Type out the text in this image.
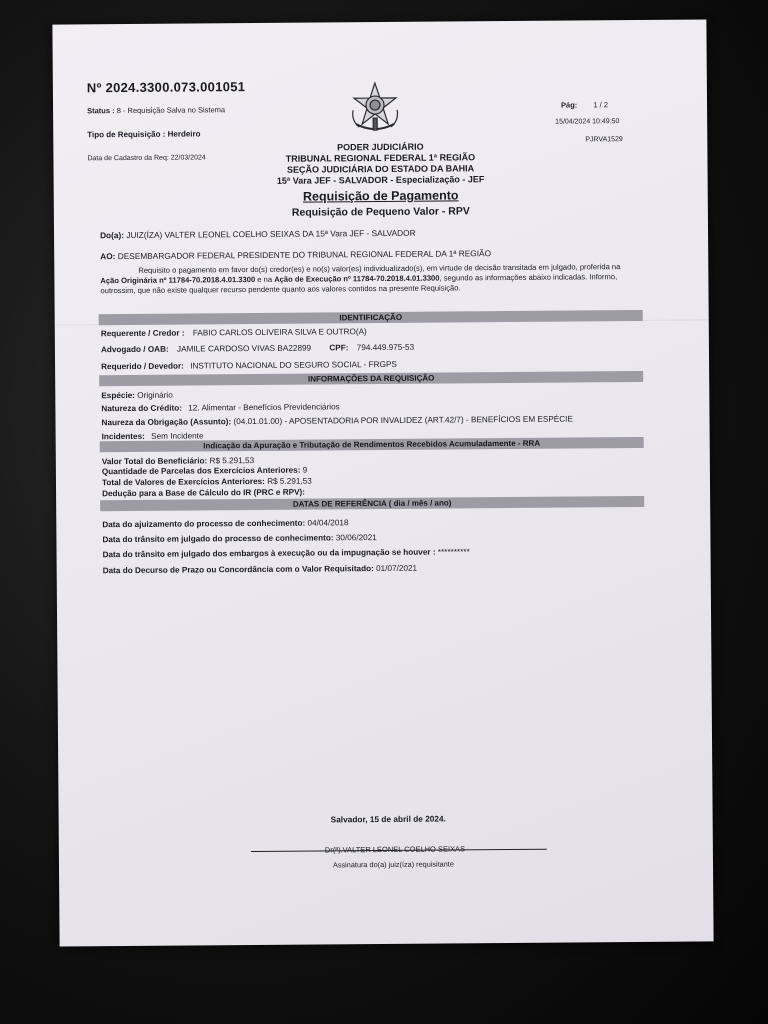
Nº 2024.3300.073.001051
Status : 8 - Requisição Salva no Sistema
Tipo de Requisição : Herdeiro
Data de Cadastro da Req: 22/03/2024
Pág: 1 / 2
15/04/2024 10:49:50
PJRVA1529
PODER JUDICIÁRIO
TRIBUNAL REGIONAL FEDERAL 1ª REGIÃO
SEÇÃO JUDICIÁRIA DO ESTADO DA BAHIA
15ª Vara JEF - SALVADOR - Especialização - JEF
Requisição de Pagamento
Requisição de Pequeno Valor - RPV
Do(a): JUIZ(ÍZA) VALTER LEONEL COELHO SEIXAS DA 15ª Vara JEF - SALVADOR
AO: DESEMBARGADOR FEDERAL PRESIDENTE DO TRIBUNAL REGIONAL FEDERAL DA 1ª REGIÃO
Requisito o pagamento em favor do(s) credor(es) e no(s) valor(es) individualizado(s), em virtude de decisão transitada em julgado, proferida na Ação Originária nº 11784-70.2018.4.01.3300 e na Ação de Execução nº 11784-70.2018.4.01.3300, segundo as informações abaixo indicadas. Informo, outrossim, que não existe qualquer recurso pendente quanto aos valores contidos na presente Requisição.
IDENTIFICAÇÃO
Requerente / Credor : FABIO CARLOS OLIVEIRA SILVA E OUTRO(A)
Advogado / OAB: JAMILE CARDOSO VIVAS BA22899 CPF: 794.449.975-53
Requerido / Devedor: INSTITUTO NACIONAL DO SEGURO SOCIAL - FRGPS
INFORMAÇÕES DA REQUISIÇÃO
Espécie: Originário
Natureza do Crédito: 12. Alimentar - Benefícios Previdenciários
Naureza da Obrigação (Assunto): (04.01.01.00) - APOSENTADORIA POR INVALIDEZ (ART.42/7) - BENEFÍCIOS EM ESPÉCIE
Incidentes: Sem Incidente
Indicação da Apuração e Tributação de Rendimentos Recebidos Acumuladamente - RRA
Valor Total do Beneficiário: R$ 5.291,53
Quantidade de Parcelas dos Exercícios Anteriores: 9
Total de Valores de Exercícios Anteriores: R$ 5.291,53
Dedução para a Base de Cálculo do IR (PRC e RPV):
DATAS DE REFERÊNCIA ( dia / mês / ano)
Data do ajuizamento do processo de conhecimento: 04/04/2018
Data do trânsito em julgado do processo de conhecimento: 30/06/2021
Data do trânsito em julgado dos embargos à execução ou da impugnação se houver : **********
Data do Decurso de Prazo ou Concordância com o Valor Requisitado: 01/07/2021
Salvador, 15 de abril de 2024.
Dr(ª).VALTER LEONEL COELHO SEIXAS
Assinatura do(a) juiz(íza) requisitante
